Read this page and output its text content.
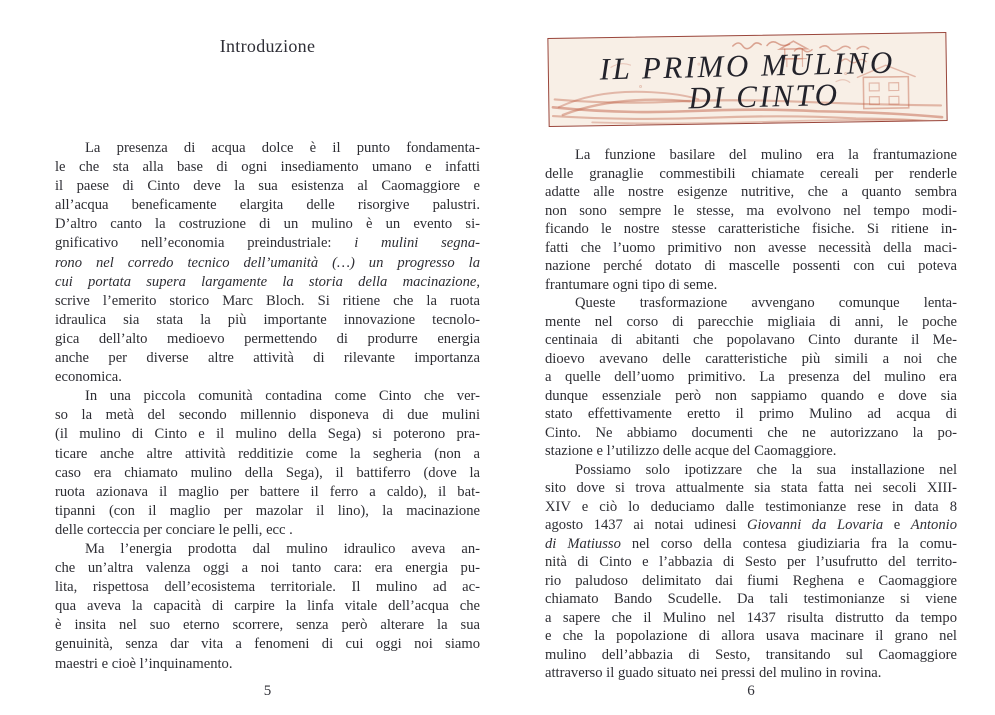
Introduzione
La presenza di acqua dolce è il punto fondamenta-
le che sta alla base di ogni insediamento umano e infatti
il paese di Cinto deve la sua esistenza al Caomaggiore e
all’acqua beneficamente elargita delle risorgive palustri.
D’altro canto la costruzione di un mulino è un evento si-
gnificativo nell’economia preindustriale: i mulini segna-
rono nel corredo tecnico dell’umanità (…) un progresso la
cui portata supera largamente la storia della macinazione,
scrive l’emerito storico Marc Bloch. Si ritiene che la ruota
idraulica sia stata la più importante innovazione tecnolo-
gica dell’alto medioevo permettendo di produrre energia
anche per diverse altre attività di rilevante importanza
economica.
In una piccola comunità contadina come Cinto che ver-
so la metà del secondo millennio disponeva di due mulini
(il mulino di Cinto e il mulino della Sega) si poterono pra-
ticare anche altre attività redditizie come la segheria (non a
caso era chiamato mulino della Sega), il battiferro (dove la
ruota azionava il maglio per battere il ferro a caldo), il bat-
tipanni (con il maglio per mazolar il lino), la macinazione
delle corteccia per conciare le pelli, ecc .
Ma l’energia prodotta dal mulino idraulico aveva an-
che un’altra valenza oggi a noi tanto cara: era energia pu-
lita, rispettosa dell’ecosistema territoriale. Il mulino ad ac-
qua aveva la capacità di carpire la linfa vitale dell’acqua che
è insita nel suo eterno scorrere, senza però alterare la sua
genuinità, senza dar vita a fenomeni di cui oggi noi siamo
maestri e cioè l’inquinamento.
5
IL PRIMO MULINO
DI CINTO
La funzione basilare del mulino era la frantumazione
delle granaglie commestibili chiamate cereali per renderle
adatte alle nostre esigenze nutritive, che a quanto sembra
non sono sempre le stesse, ma evolvono nel tempo modi-
ficando le nostre stesse caratteristiche fisiche. Si ritiene in-
fatti che l’uomo primitivo non avesse necessità della maci-
nazione perché dotato di mascelle possenti con cui poteva
frantumare ogni tipo di seme.
Queste trasformazione avvengano comunque lenta-
mente nel corso di parecchie migliaia di anni, le poche
centinaia di abitanti che popolavano Cinto durante il Me-
dioevo avevano delle caratteristiche più simili a noi che
a quelle dell’uomo primitivo. La presenza del mulino era
dunque essenziale però non sappiamo quando e dove sia
stato effettivamente eretto il primo Mulino ad acqua di
Cinto. Ne abbiamo documenti che ne autorizzano la po-
stazione e l’utilizzo delle acque del Caomaggiore.
Possiamo solo ipotizzare che la sua installazione nel
sito dove si trova attualmente sia stata fatta nei secoli XIII-
XIV e ciò lo deduciamo dalle testimonianze rese in data 8
agosto 1437 ai notai udinesi Giovanni da Lovaria e Antonio
di Matiusso nel corso della contesa giudiziaria fra la comu-
nità di Cinto e l’abbazia di Sesto per l’usufrutto del territo-
rio paludoso delimitato dai fiumi Reghena e Caomaggiore
chiamato Bando Scudelle. Da tali testimonianze si viene
a sapere che il Mulino nel 1437 risulta distrutto da tempo
e che la popolazione di allora usava macinare il grano nel
mulino dell’abbazia di Sesto, transitando sul Caomaggiore
attraverso il guado situato nei pressi del mulino in rovina.
6
